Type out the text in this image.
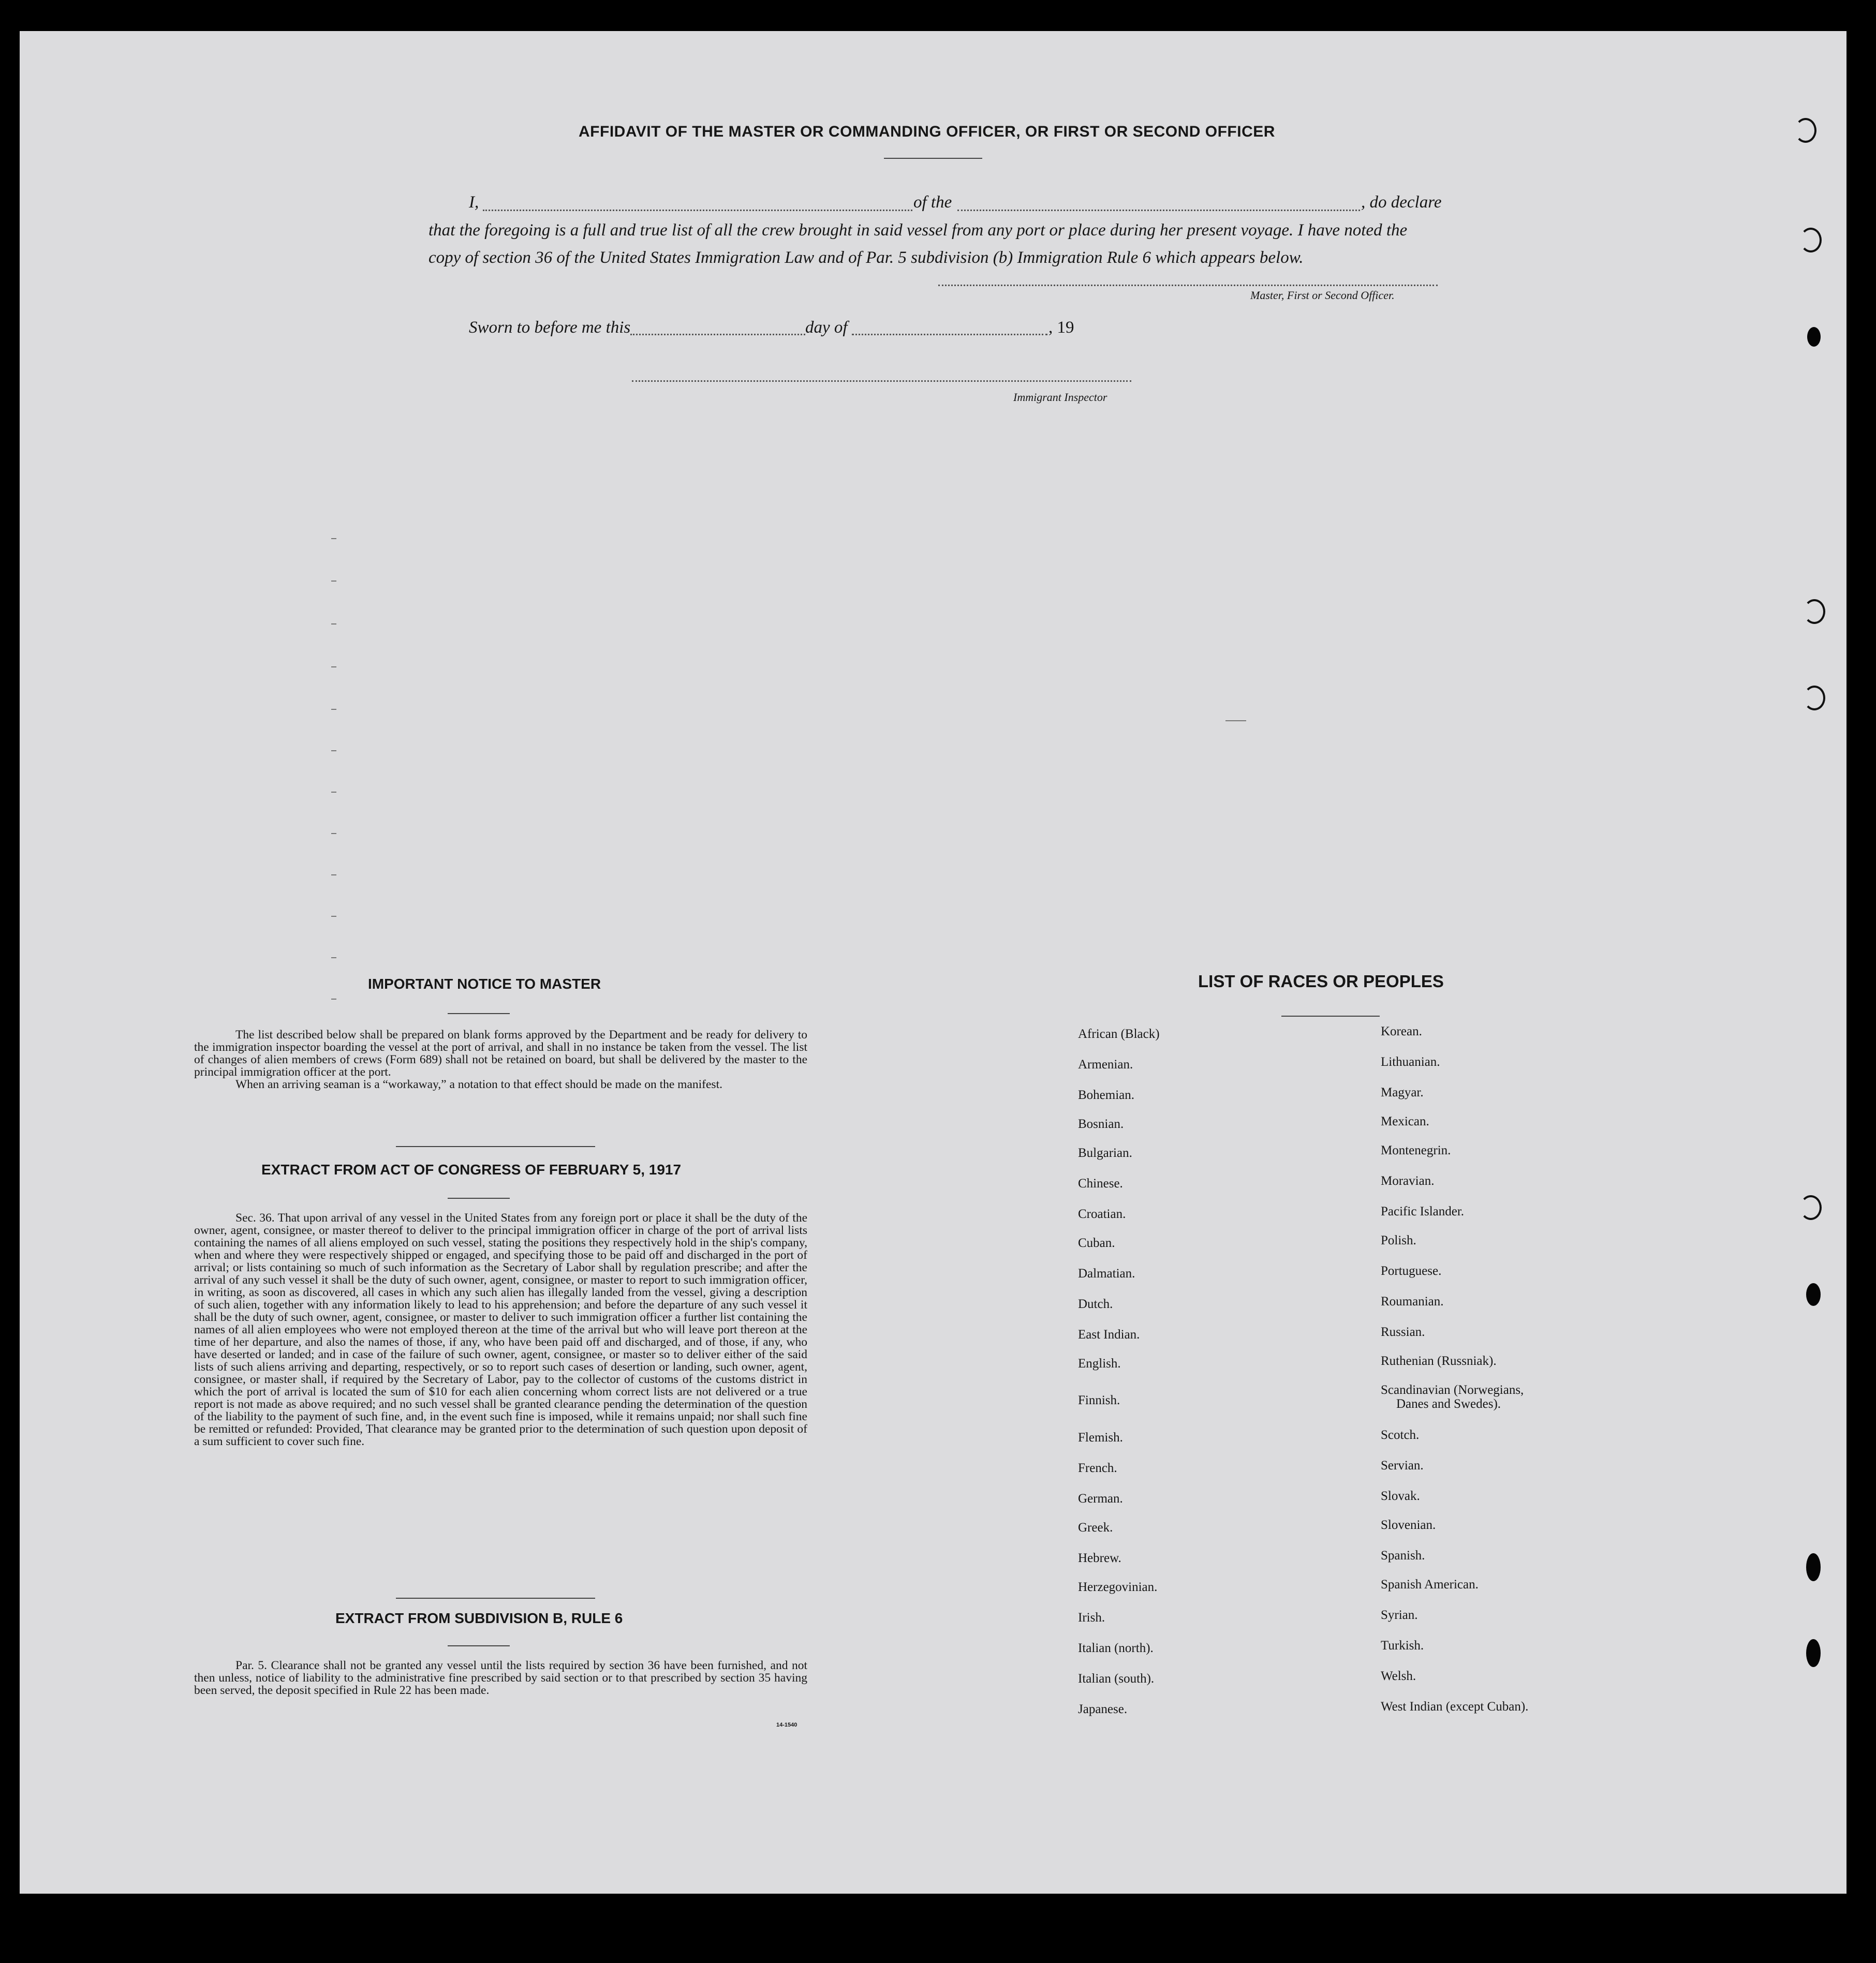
AFFIDAVIT OF THE MASTER OR COMMANDING OFFICER, OR FIRST OR SECOND OFFICER
I,	of the	, do declare
that the foregoing is a full and true list of all the crew brought in said vessel from any port or place during her present voyage. I have noted the
copy of section 36 of the United States Immigration Law and of Par. 5 subdivision (b) Immigration Rule 6 which appears below.
Master, First or Second Officer.
Sworn to before me this	day of	, 19
Immigrant Inspector
IMPORTANT NOTICE TO MASTER

The list described below shall be prepared on blank forms approved by the Department and be ready for delivery to the immigration inspector boarding the vessel at the port of arrival, and shall in no instance be taken from the vessel. The list of changes of alien members of crews (Form 689) shall not be retained on board, but shall be delivered by the master to the principal immigration officer at the port.

When an arriving seaman is a “workaway,” a notation to that effect should be made on the manifest.

EXTRACT FROM ACT OF CONGRESS OF FEBRUARY 5, 1917

Sec. 36. That upon arrival of any vessel in the United States from any foreign port or place it shall be the duty of the owner, agent, consignee, or master thereof to deliver to the principal immigration officer in charge of the port of arrival lists containing the names of all aliens employed on such vessel, stating the positions they respectively hold in the ship's company, when and where they were respectively shipped or engaged, and specifying those to be paid off and discharged in the port of arrival; or lists containing so much of such information as the Secretary of Labor shall by regulation prescribe; and after the arrival of any such vessel it shall be the duty of such owner, agent, consignee, or master to report to such immigration officer, in writing, as soon as discovered, all cases in which any such alien has illegally landed from the vessel, giving a description of such alien, together with any information likely to lead to his apprehension; and before the departure of any such vessel it shall be the duty of such owner, agent, consignee, or master to deliver to such immigration officer a further list containing the names of all alien employees who were not employed thereon at the time of the arrival but who will leave port thereon at the time of her departure, and also the names of those, if any, who have been paid off and discharged, and of those, if any, who have deserted or landed; and in case of the failure of such owner, agent, consignee, or master so to deliver either of the said lists of such aliens arriving and departing, respectively, or so to report such cases of desertion or landing, such owner, agent, consignee, or master shall, if required by the Secretary of Labor, pay to the collector of customs of the customs district in which the port of arrival is located the sum of $10 for each alien concerning whom correct lists are not delivered or a true report is not made as above required; and no such vessel shall be granted clearance pending the determination of the question of the liability to the payment of such fine, and, in the event such fine is imposed, while it remains unpaid; nor shall such fine be remitted or refunded: Provided, That clearance may be granted prior to the determination of such question upon deposit of a sum sufficient to cover such fine.

EXTRACT FROM SUBDIVISION B, RULE 6

Par. 5. Clearance shall not be granted any vessel until the lists required by section 36 have been furnished, and not then unless, notice of liability to the administrative fine prescribed by said section or to that prescribed by section 35 having been served, the deposit specified in Rule 22 has been made.

14-1540
LIST OF RACES OR PEOPLES
African (Black)
Armenian.
Bohemian.
Bosnian.
Bulgarian.
Chinese.
Croatian.
Cuban.
Dalmatian.
Dutch.
East Indian.
English.
Finnish.
Flemish.
French.
German.
Greek.
Hebrew.
Herzegovinian.
Irish.
Italian (north).
Italian (south).
Japanese.
Korean.
Lithuanian.
Magyar.
Mexican.
Montenegrin.
Moravian.
Pacific Islander.
Polish.
Portuguese.
Roumanian.
Russian.
Ruthenian (Russniak).
Scandinavian (Norwegians,
Danes and Swedes).
Scotch.
Servian.
Slovak.
Slovenian.
Spanish.
Spanish American.
Syrian.
Turkish.
Welsh.
West Indian (except Cuban).
